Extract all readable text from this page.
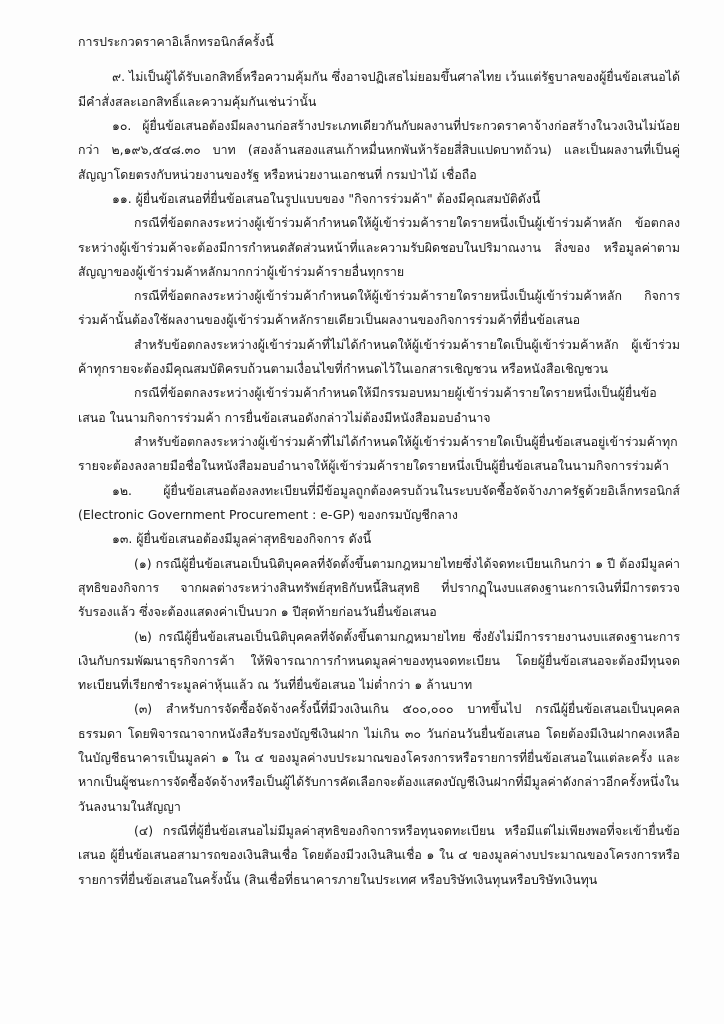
การประกวดราคาอิเล็กทรอนิกส์ครั้งนี้

๙. ไม่เป็นผู้ได้รับเอกสิทธิ์หรือความคุ้มกัน ซึ่งอาจปฏิเสธไม่ยอมขึ้นศาลไทย เว้นแต่รัฐบาลของผู้ยื่นข้อเสนอได้มีคำสั่งสละเอกสิทธิ์และความคุ้มกันเช่นว่านั้น

๑๐. ผู้ยื่นข้อเสนอต้องมีผลงานก่อสร้างประเภทเดียวกันกับผลงานที่ประกวดราคาจ้างก่อสร้างในวงเงินไม่น้อยกว่า ๒,๑๙๖,๕๔๘.๓๐ บาท (สองล้านสองแสนเก้าหมื่นหกพันห้าร้อยสี่สิบแปดบาทถ้วน) และเป็นผลงานที่เป็นคู่สัญญาโดยตรงกับหน่วยงานของรัฐ หรือหน่วยงานเอกชนที่ กรมป่าไม้ เชื่อถือ

๑๑. ผู้ยื่นข้อเสนอที่ยื่นข้อเสนอในรูปแบบของ "กิจการร่วมค้า" ต้องมีคุณสมบัติดังนี้

กรณีที่ข้อตกลงระหว่างผู้เข้าร่วมค้ากำหนดให้ผู้เข้าร่วมค้ารายใดรายหนึ่งเป็นผู้เข้าร่วมค้าหลัก ข้อตกลงระหว่างผู้เข้าร่วมค้าจะต้องมีการกำหนดสัดส่วนหน้าที่และความรับผิดชอบในปริมาณงาน สิ่งของ หรือมูลค่าตามสัญญาของผู้เข้าร่วมค้าหลักมากกว่าผู้เข้าร่วมค้ารายอื่นทุกราย

กรณีที่ข้อตกลงระหว่างผู้เข้าร่วมค้ากำหนดให้ผู้เข้าร่วมค้ารายใดรายหนึ่งเป็นผู้เข้าร่วมค้าหลัก กิจการร่วมค้านั้นต้องใช้ผลงานของผู้เข้าร่วมค้าหลักรายเดียวเป็นผลงานของกิจการร่วมค้าที่ยื่นข้อเสนอ

สำหรับข้อตกลงระหว่างผู้เข้าร่วมค้าที่ไม่ได้กำหนดให้ผู้เข้าร่วมค้ารายใดเป็นผู้เข้าร่วมค้าหลัก ผู้เข้าร่วมค้าทุกรายจะต้องมีคุณสมบัติครบถ้วนตามเงื่อนไขที่กำหนดไว้ในเอกสารเชิญชวน หรือหนังสือเชิญชวน

กรณีที่ข้อตกลงระหว่างผู้เข้าร่วมค้ากำหนดให้มีกรรมอบหมายผู้เข้าร่วมค้ารายใดรายหนึ่งเป็นผู้ยื่นข้อเสนอ ในนามกิจการร่วมค้า การยื่นข้อเสนอดังกล่าวไม่ต้องมีหนังสือมอบอำนาจ

สำหรับข้อตกลงระหว่างผู้เข้าร่วมค้าที่ไม่ได้กำหนดให้ผู้เข้าร่วมค้ารายใดเป็นผู้ยื่นข้อเสนอยู่เข้าร่วมค้าทุกรายจะต้องลงลายมือชื่อในหนังสือมอบอำนาจให้ผู้เข้าร่วมค้ารายใดรายหนึ่งเป็นผู้ยื่นข้อเสนอในนามกิจการร่วมค้า

๑๒. ผู้ยื่นข้อเสนอต้องลงทะเบียนที่มีข้อมูลถูกต้องครบถ้วนในระบบจัดซื้อจัดจ้างภาครัฐด้วยอิเล็กทรอนิกส์ (Electronic Government Procurement : e-GP) ของกรมบัญชีกลาง

๑๓. ผู้ยื่นข้อเสนอต้องมีมูลค่าสุทธิของกิจการ ดังนี้

(๑) กรณีผู้ยื่นข้อเสนอเป็นนิติบุคคลที่จัดตั้งขึ้นตามกฎหมายไทยซึ่งได้จดทะเบียนเกินกว่า ๑ ปี ต้องมีมูลค่าสุทธิของกิจการ จากผลต่างระหว่างสินทรัพย์สุทธิกับหนี้สินสุทธิ ที่ปรากฏุในงบแสดงฐานะการเงินที่มีการตรวจรับรองแล้ว ซึ่งจะต้องแสดงค่าเป็นบวก ๑ ปีสุดท้ายก่อนวันยื่นข้อเสนอ

(๒) กรณีผู้ยื่นข้อเสนอเป็นนิติบุคคลที่จัดตั้งขึ้นตามกฎหมายไทย ซึ่งยังไม่มีการรายงานงบแสดงฐานะการเงินกับกรมพัฒนาธุรกิจการค้า ให้พิจารณาการกำหนดมูลค่าของทุนจดทะเบียน โดยผู้ยื่นข้อเสนอจะต้องมีทุนจดทะเบียนที่เรียกชำระมูลค่าหุ้นแล้ว ณ วันที่ยื่นข้อเสนอ ไม่ต่ำกว่า ๑ ล้านบาท

(๓) สำหรับการจัดซื้อจัดจ้างครั้งนี้ที่มีวงเงินเกิน ๕๐๐,๐๐๐ บาทขึ้นไป กรณีผู้ยื่นข้อเสนอเป็นบุคคลธรรมดา โดยพิจารณาจากหนังสือรับรองบัญชีเงินฝาก ไม่เกิน ๓๐ วันก่อนวันยื่นข้อเสนอ โดยต้องมีเงินฝากคงเหลือในบัญชีธนาคารเป็นมูลค่า ๑ ใน ๔ ของมูลค่างบประมาณของโครงการหรือรายการที่ยื่นข้อเสนอในแต่ละครั้ง และหากเป็นผู้ชนะการจัดซื้อจัดจ้างหรือเป็นผู้ได้รับการคัดเลือกจะต้องแสดงบัญชีเงินฝากที่มีมูลค่าดังกล่าวอีกครั้งหนึ่งในวันลงนามในสัญญา

(๔) กรณีที่ผู้ยื่นข้อเสนอไม่มีมูลค่าสุทธิของกิจการหรือทุนจดทะเบียน หรือมีแต่ไม่เพียงพอที่จะเข้ายื่นข้อเสนอ ผู้ยื่นข้อเสนอสามารถของเงินสินเชื่อ โดยต้องมีวงเงินสินเชื่อ ๑ ใน ๔ ของมูลค่างบประมาณของโครงการหรือรายการที่ยื่นข้อเสนอในครั้งนั้น (สินเชื่อที่ธนาคารภายในประเทศ หรือบริษัทเงินทุนหรือบริษัทเงินทุน
